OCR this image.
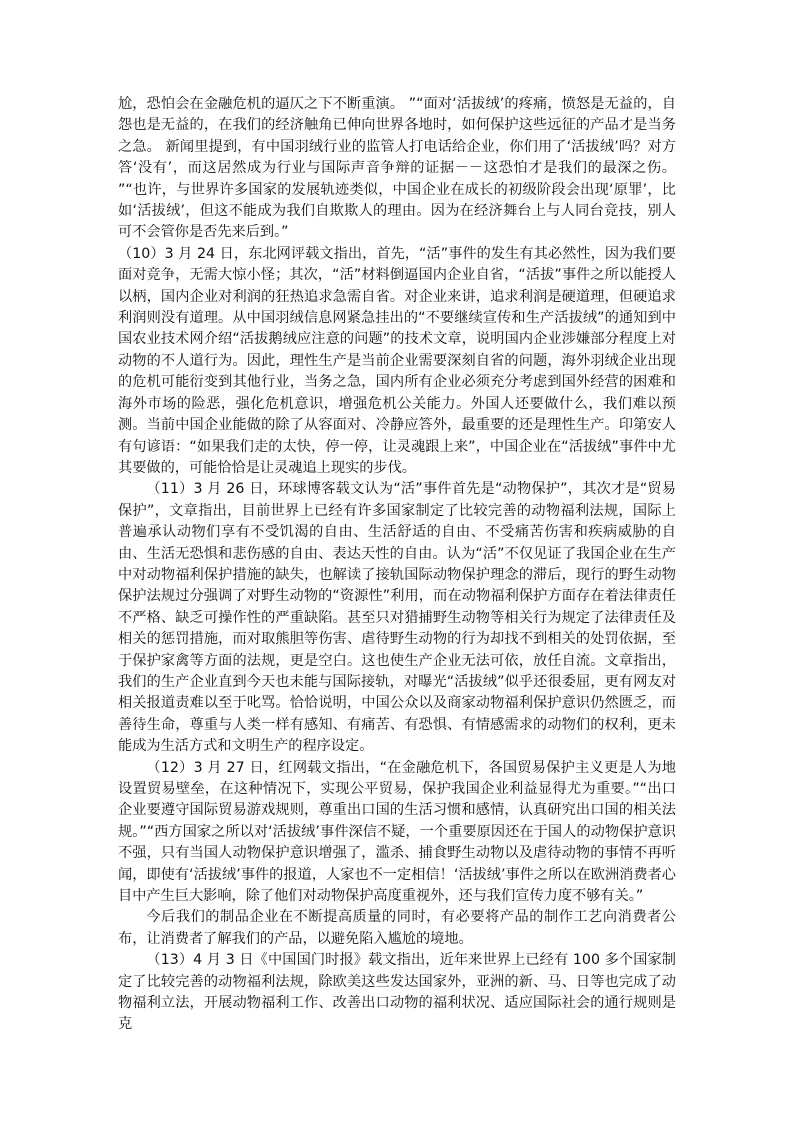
尬，恐怕会在金融危机的逼仄之下不断重演。 ”“面对‘活拔绒’的疼痛，愤怒是无益的，自怨也是无益的，在我们的经济触角已伸向世界各地时，如何保护这些远征的产品才是当务之急。 新闻里提到，有中国羽绒行业的监管人打电话给企业，你们用了‘活拔绒’吗？对方答‘没有’，而这居然成为行业与国际声音争辩的证据－－这恐怕才是我们的最深之伤。 ”“也许，与世界许多国家的发展轨迹类似，中国企业在成长的初级阶段会出现‘原罪’，比如‘活拔绒’，但这不能成为我们自欺欺人的理由。因为在经济舞台上与人同台竞技，别人可不会管你是否先来后到。”

（10）3 月 24 日，东北网评载文指出，首先，“活”事件的发生有其必然性，因为我们要面对竞争，无需大惊小怪；其次，“活”材料倒逼国内企业自省，“活拔”事件之所以能授人以柄，国内企业对利润的狂热追求急需自省。对企业来讲，追求利润是硬道理，但硬追求利润则没有道理。从中国羽绒信息网紧急挂出的“不要继续宣传和生产活拔绒”的通知到中国农业技术网介绍“活拔鹅绒应注意的问题”的技术文章，说明国内企业涉嫌部分程度上对动物的不人道行为。因此，理性生产是当前企业需要深刻自省的问题，海外羽绒企业出现的危机可能衍变到其他行业，当务之急，国内所有企业必须充分考虑到国外经营的困难和海外市场的险恶，强化危机意识，增强危机公关能力。外国人还要做什么，我们难以预测。当前中国企业能做的除了从容面对、冷静应答外，最重要的还是理性生产。印第安人有句谚语：“如果我们走的太快，停一停，让灵魂跟上来”，中国企业在“活拔绒”事件中尤其要做的，可能恰恰是让灵魂追上现实的步伐。

（11）3 月 26 日，环球博客载文认为“活”事件首先是“动物保护”，其次才是“贸易保护”，文章指出，目前世界上已经有许多国家制定了比较完善的动物福利法规，国际上普遍承认动物们享有不受饥渴的自由、生活舒适的自由、不受痛苦伤害和疾病威胁的自由、生活无恐惧和悲伤感的自由、表达天性的自由。认为“活”不仅见证了我国企业在生产中对动物福利保护措施的缺失，也解读了接轨国际动物保护理念的滞后，现行的野生动物保护法规过分强调了对野生动物的“资源性”利用，而在动物福利保护方面存在着法律责任不严格、缺乏可操作性的严重缺陷。甚至只对猎捕野生动物等相关行为规定了法律责任及相关的惩罚措施，而对取熊胆等伤害、虐待野生动物的行为却找不到相关的处罚依据，至于保护家禽等方面的法规，更是空白。这也使生产企业无法可依，放任自流。文章指出，我们的生产企业直到今天也未能与国际接轨，对曝光“活拔绒”似乎还很委屈，更有网友对相关报道责难以至于叱骂。恰恰说明，中国公众以及商家动物福利保护意识仍然匮乏，而善待生命，尊重与人类一样有感知、有痛苦、有恐惧、有情感需求的动物们的权利，更未能成为生活方式和文明生产的程序设定。

（12）3 月 27 日，红网载文指出，“在金融危机下，各国贸易保护主义更是人为地设置贸易壁垒，在这种情况下，实现公平贸易，保护我国企业利益显得尤为重要。”“出口企业要遵守国际贸易游戏规则，尊重出口国的生活习惯和感情，认真研究出口国的相关法规。”“西方国家之所以对‘活拔绒’事件深信不疑，一个重要原因还在于国人的动物保护意识不强，只有当国人动物保护意识增强了，滥杀、捕食野生动物以及虐待动物的事情不再听闻，即使有‘活拔绒’事件的报道，人家也不一定相信！‘活拔绒’事件之所以在欧洲消费者心目中产生巨大影响，除了他们对动物保护高度重视外，还与我们宣传力度不够有关。”

今后我们的制品企业在不断提高质量的同时，有必要将产品的制作工艺向消费者公布，让消费者了解我们的产品，以避免陷入尴尬的境地。

（13）4 月 3 日《中国国门时报》载文指出，近年来世界上已经有 100 多个国家制定了比较完善的动物福利法规，除欧美这些发达国家外，亚洲的新、马、日等也完成了动物福利立法，开展动物福利工作、改善出口动物的福利状况、适应国际社会的通行规则是克
